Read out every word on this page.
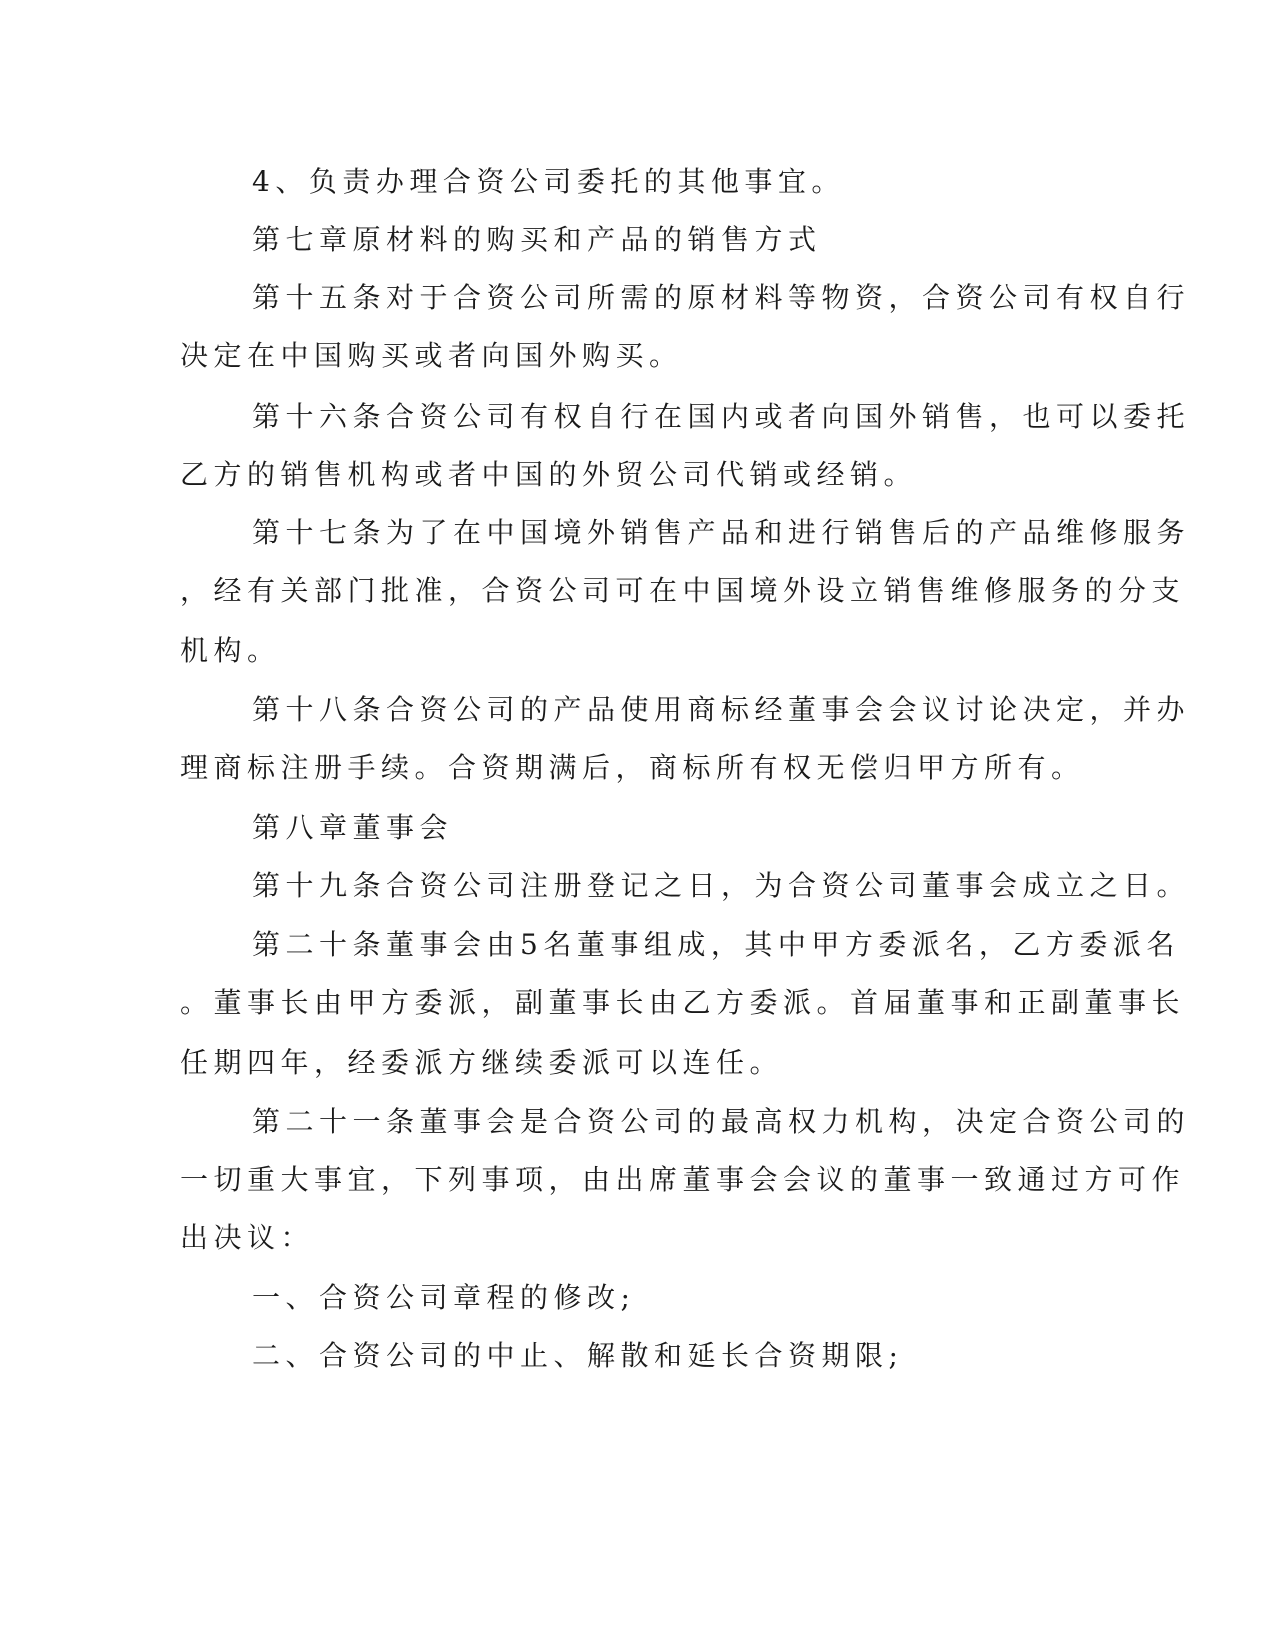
4、负责办理合资公司委托的其他事宜。
第七章原材料的购买和产品的销售方式
第十五条对于合资公司所需的原材料等物资，合资公司有权自行
决定在中国购买或者向国外购买。
第十六条合资公司有权自行在国内或者向国外销售，也可以委托
乙方的销售机构或者中国的外贸公司代销或经销。
第十七条为了在中国境外销售产品和进行销售后的产品维修服务
，经有关部门批准，合资公司可在中国境外设立销售维修服务的分支
机构。
第十八条合资公司的产品使用商标经董事会会议讨论决定，并办
理商标注册手续。合资期满后，商标所有权无偿归甲方所有。
第八章董事会
第十九条合资公司注册登记之日，为合资公司董事会成立之日。
第二十条董事会由5名董事组成，其中甲方委派名，乙方委派名
。董事长由甲方委派，副董事长由乙方委派。首届董事和正副董事长
任期四年，经委派方继续委派可以连任。
第二十一条董事会是合资公司的最高权力机构，决定合资公司的
一切重大事宜，下列事项，由出席董事会会议的董事一致通过方可作
出决议：
一、合资公司章程的修改;
二、合资公司的中止、解散和延长合资期限;
